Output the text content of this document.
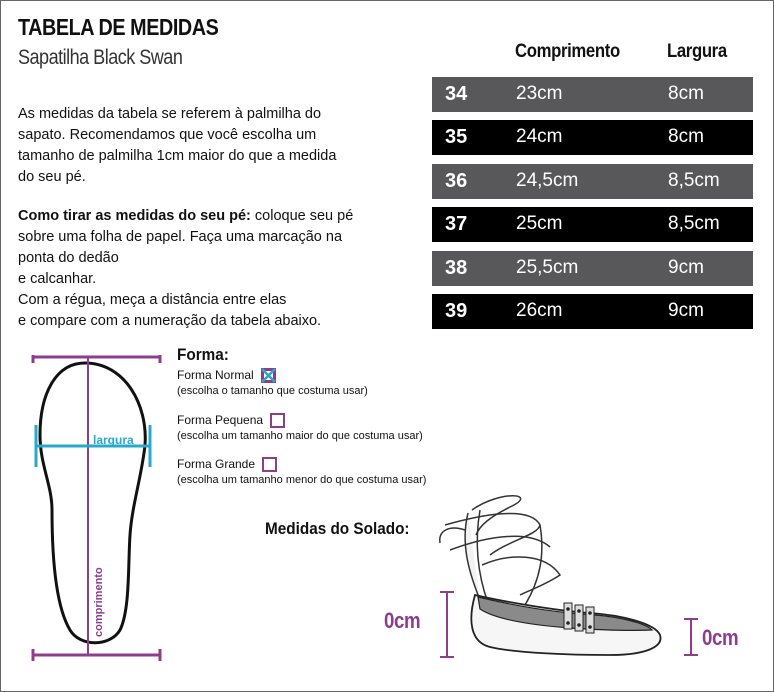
TABELA DE MEDIDAS
Sapatilha Black Swan
As medidas da tabela se referem à palmilha do sapato. Recomendamos que você escolha um tamanho de palmilha 1cm maior do que a medida do seu pé.
Como tirar as medidas do seu pé: coloque seu pé sobre uma folha de papel. Faça uma marcação na ponta do dedão
e calcanhar.
Com a régua, meça a distância entre elas
e compare com a numeração da tabela abaixo.
Comprimento Largura
34	23cm	8cm
35	24cm	8cm
36	24,5cm	8,5cm
37	25cm	8,5cm
38	25,5cm	9cm
39	26cm	9cm
largura
comprimento
Forma:
Forma Normal

(escolha o tamanho que costuma usar)
Forma Pequena
(escolha um tamanho maior do que costuma usar)
Forma Grande
(escolha um tamanho menor do que costuma usar)
Medidas do Solado:
0cm
0cm
